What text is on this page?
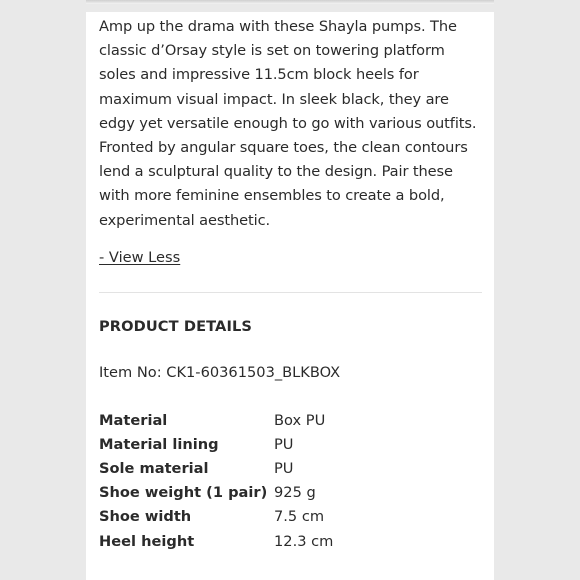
Amp up the drama with these Shayla pumps. The classic d’Orsay style is set on towering platform soles and impressive 11.5cm block heels for maximum visual impact. In sleek black, they are edgy yet versatile enough to go with various outfits. Fronted by angular square toes, the clean contours lend a sculptural quality to the design. Pair these with more feminine ensembles to create a bold, experimental aesthetic.

- View Less
PRODUCT DETAILS
Item No: CK1-60361503_BLKBOX
Material	Box PU
Material lining	PU
Sole material	PU
Shoe weight (1 pair)	925 g
Shoe width	7.5 cm
Heel height	12.3 cm
